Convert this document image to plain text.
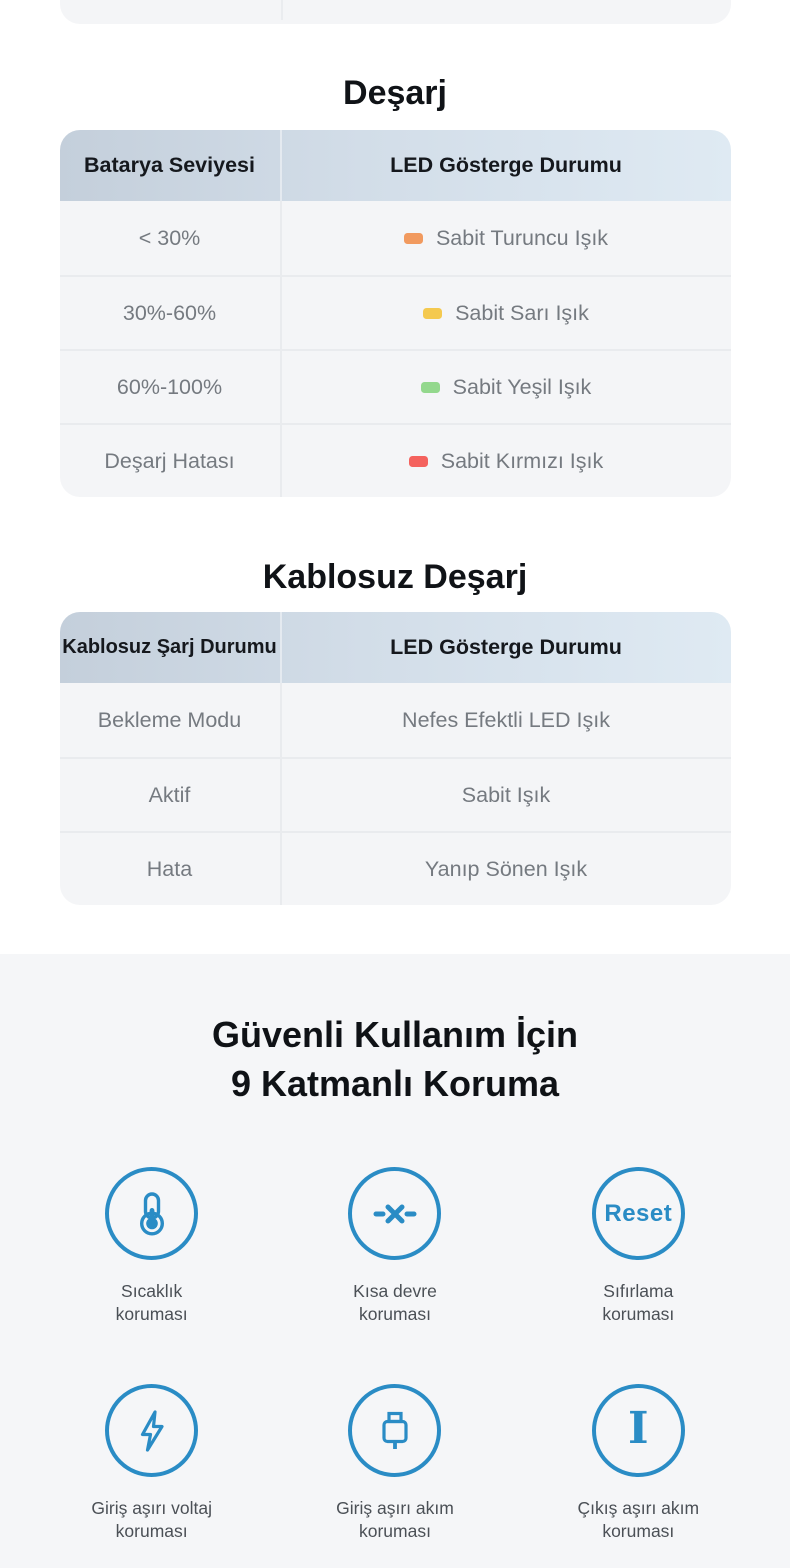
Deşarj
Batarya Seviyesi	LED Gösterge Durumu
< 30%	Sabit Turuncu Işık
30%-60%	Sabit Sarı Işık
60%-100%	Sabit Yeşil Işık
Deşarj Hatası	Sabit Kırmızı Işık
Kablosuz Deşarj
Kablosuz Şarj Durumu	LED Gösterge Durumu
Bekleme Modu	Nefes Efektli LED Işık
Aktif	Sabit Işık
Hata	Yanıp Sönen Işık
Güvenli Kullanım İçin
9 Katmanlı Koruma
Sıcaklık
koruması
Kısa devre
koruması
Reset
Sıfırlama
koruması
Giriş aşırı voltaj
koruması
Giriş aşırı akım
koruması
I
Çıkış aşırı akım
koruması
